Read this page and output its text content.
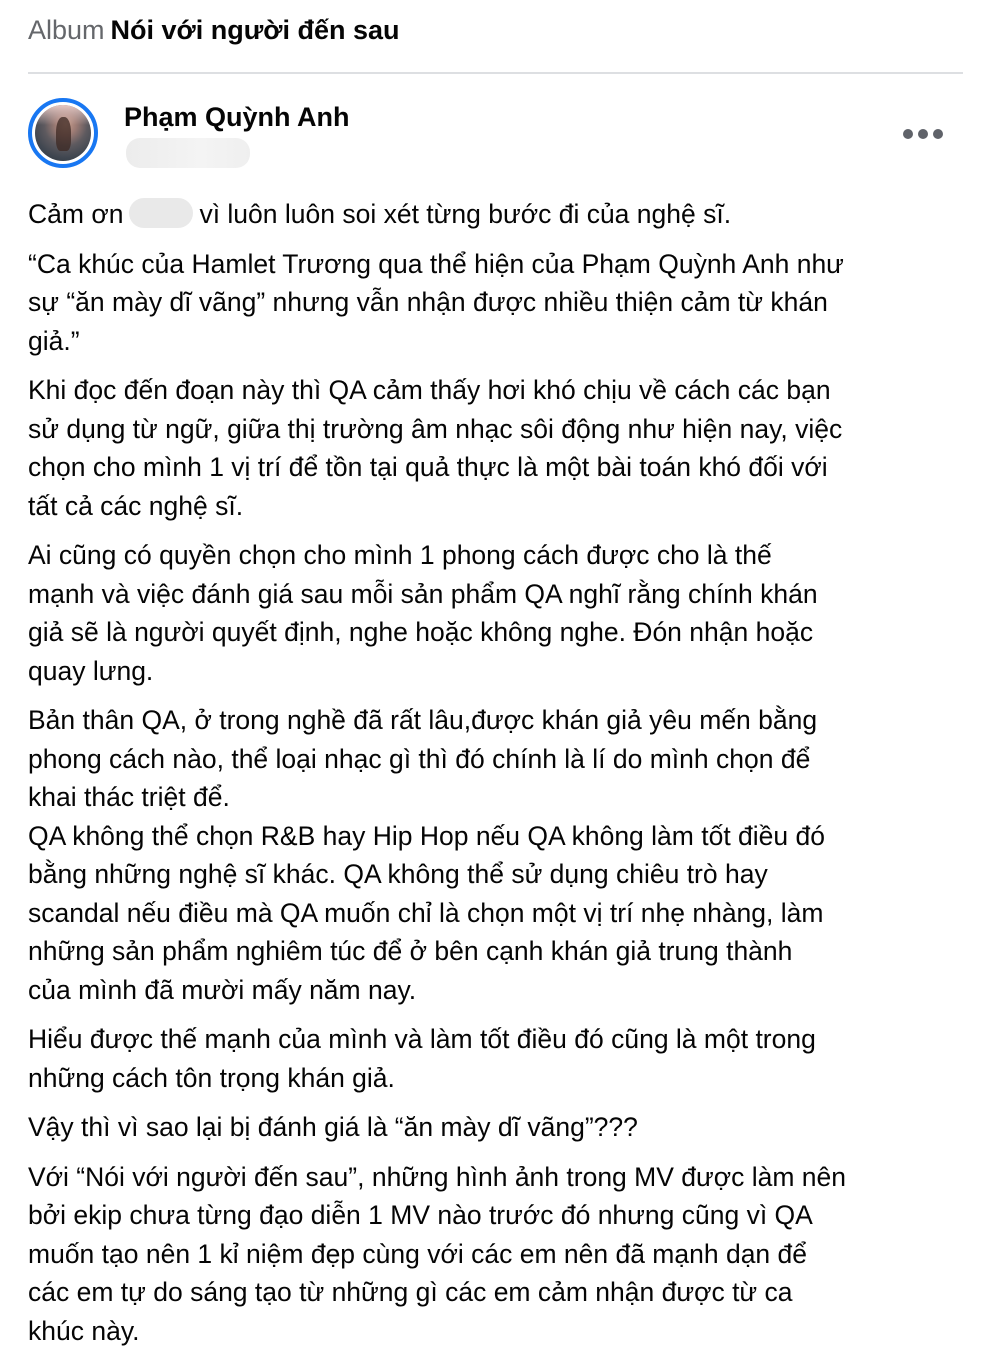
Album Nói với người đến sau
Phạm Quỳnh Anh

Cảm ơn	vì luôn luôn soi xét từng bước đi của nghệ sĩ.

“Ca khúc của Hamlet Trương qua thể hiện của Phạm Quỳnh Anh như
sự “ăn mày dĩ vãng” nhưng vẫn nhận được nhiều thiện cảm từ khán
giả.”

Khi đọc đến đoạn này thì QA cảm thấy hơi khó chịu về cách các bạn
sử dụng từ ngữ, giữa thị trường âm nhạc sôi động như hiện nay, việc
chọn cho mình 1 vị trí để tồn tại quả thực là một bài toán khó đối với
tất cả các nghệ sĩ.

Ai cũng có quyền chọn cho mình 1 phong cách được cho là thế
mạnh và việc đánh giá sau mỗi sản phẩm QA nghĩ rằng chính khán
giả sẽ là người quyết định, nghe hoặc không nghe. Đón nhận hoặc
quay lưng.

Bản thân QA, ở trong nghề đã rất lâu,được khán giả yêu mến bằng
phong cách nào, thể loại nhạc gì thì đó chính là lí do mình chọn để
khai thác triệt để.
QA không thể chọn R&B hay Hip Hop nếu QA không làm tốt điều đó
bằng những nghệ sĩ khác. QA không thể sử dụng chiêu trò hay
scandal nếu điều mà QA muốn chỉ là chọn một vị trí nhẹ nhàng, làm
những sản phẩm nghiêm túc để ở bên cạnh khán giả trung thành
của mình đã mười mấy năm nay.

Hiểu được thế mạnh của mình và làm tốt điều đó cũng là một trong
những cách tôn trọng khán giả.

Vậy thì vì sao lại bị đánh giá là “ăn mày dĩ vãng”???

Với “Nói với người đến sau”, những hình ảnh trong MV được làm nên
bởi ekip chưa từng đạo diễn 1 MV nào trước đó nhưng cũng vì QA
muốn tạo nên 1 kỉ niệm đẹp cùng với các em nên đã mạnh dạn để
các em tự do sáng tạo từ những gì các em cảm nhận được từ ca
khúc này.
